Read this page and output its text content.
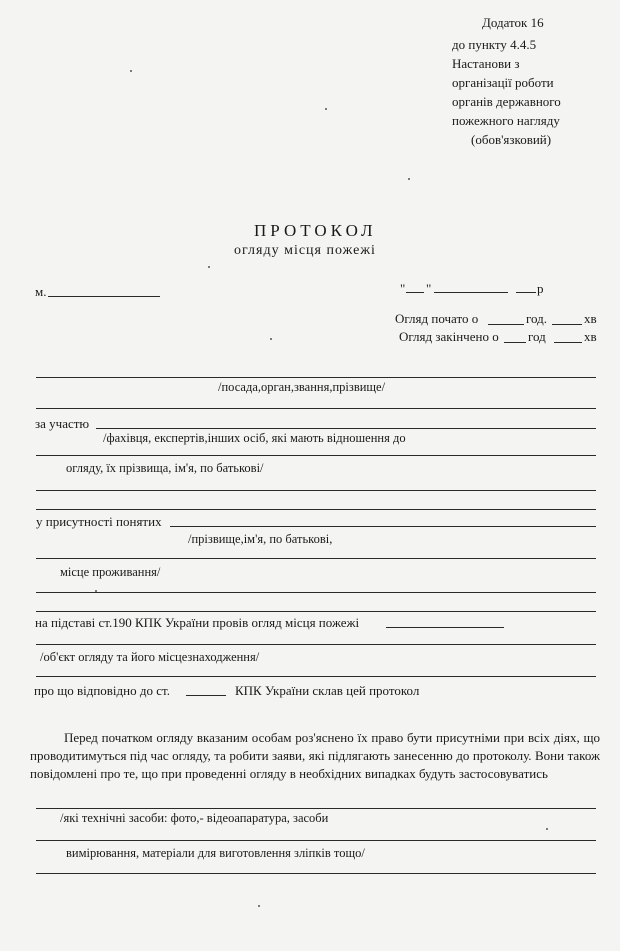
Додаток 16
до пункту 4.4.5
Настанови з
організації роботи
органів державного
пожежного нагляду
(обов'язковий)
ПРОТОКОЛ
огляду місця пожежі
м.	" "	р
Огляд почато о	год.	хв
Огляд закінчено о год	хв
/посада,орган,звання,прізвище/
за участю
/фахівця, експертів,інших осіб, які мають відношення до
огляду, їх прізвища, ім'я, по батькові/
у присутності понятих
/прізвище,ім'я, по батькові,
місце проживання/
на підставі ст.190 КПК України провів огляд місця пожежі
/об'єкт огляду та його місцезнаходження/
про що відповідно до ст.	КПК України склав цей протокол
Перед початком огляду вказаним особам роз'яснено їх право бути присутніми при всіх діях, що проводитимуться під час огляду, та робити заяви, які підлягають занесенню до протоколу. Вони також повідомлені про те, що при проведенні огляду в необхідних випадках будуть застосовуватись
/які технічні засоби: фото,- відеоапаратура, засоби
вимірювання, матеріали для виготовлення зліпків тощо/
